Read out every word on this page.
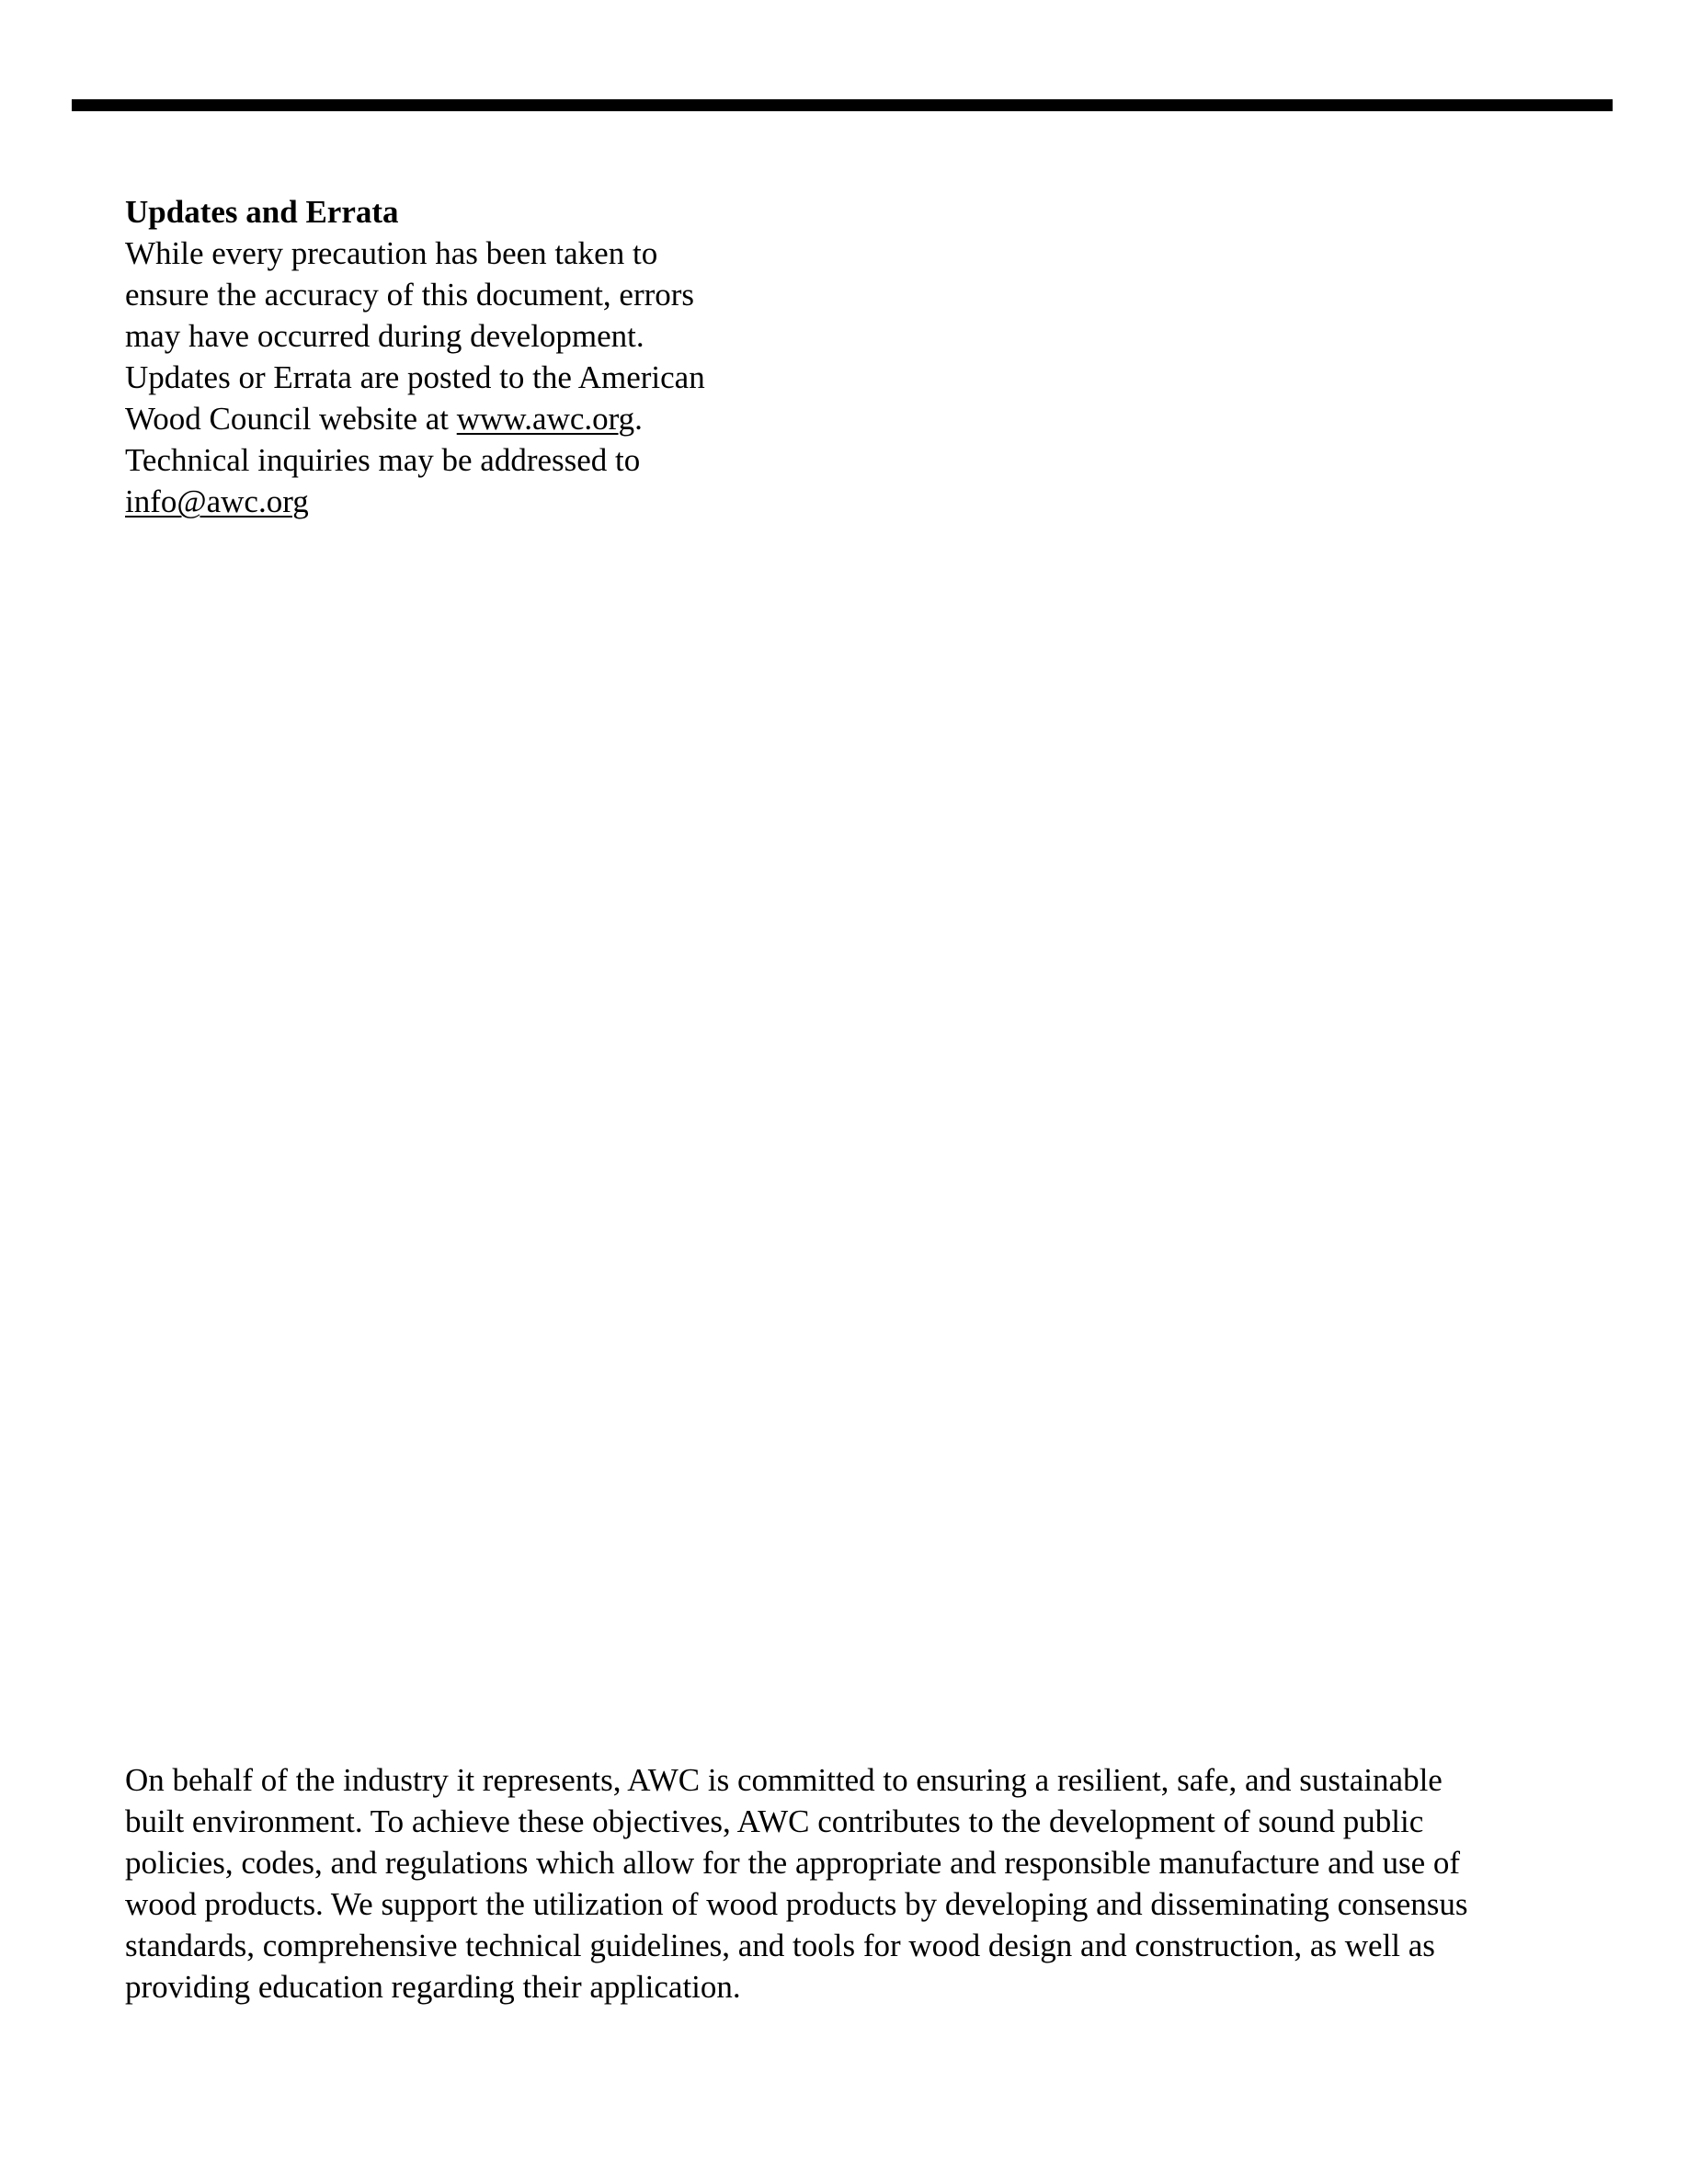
Updates and Errata
While every precaution has been taken to
ensure the accuracy of this document, errors
may have occurred during development.
Updates or Errata are posted to the American
Wood Council website at www.awc.org.
Technical inquiries may be addressed to
info@awc.org
On behalf of the industry it represents, AWC is committed to ensuring a resilient, safe, and sustainable
built environment. To achieve these objectives, AWC contributes to the development of sound public
policies, codes, and regulations which allow for the appropriate and responsible manufacture and use of
wood products. We support the utilization of wood products by developing and disseminating consensus
standards, comprehensive technical guidelines, and tools for wood design and construction, as well as
providing education regarding their application.
